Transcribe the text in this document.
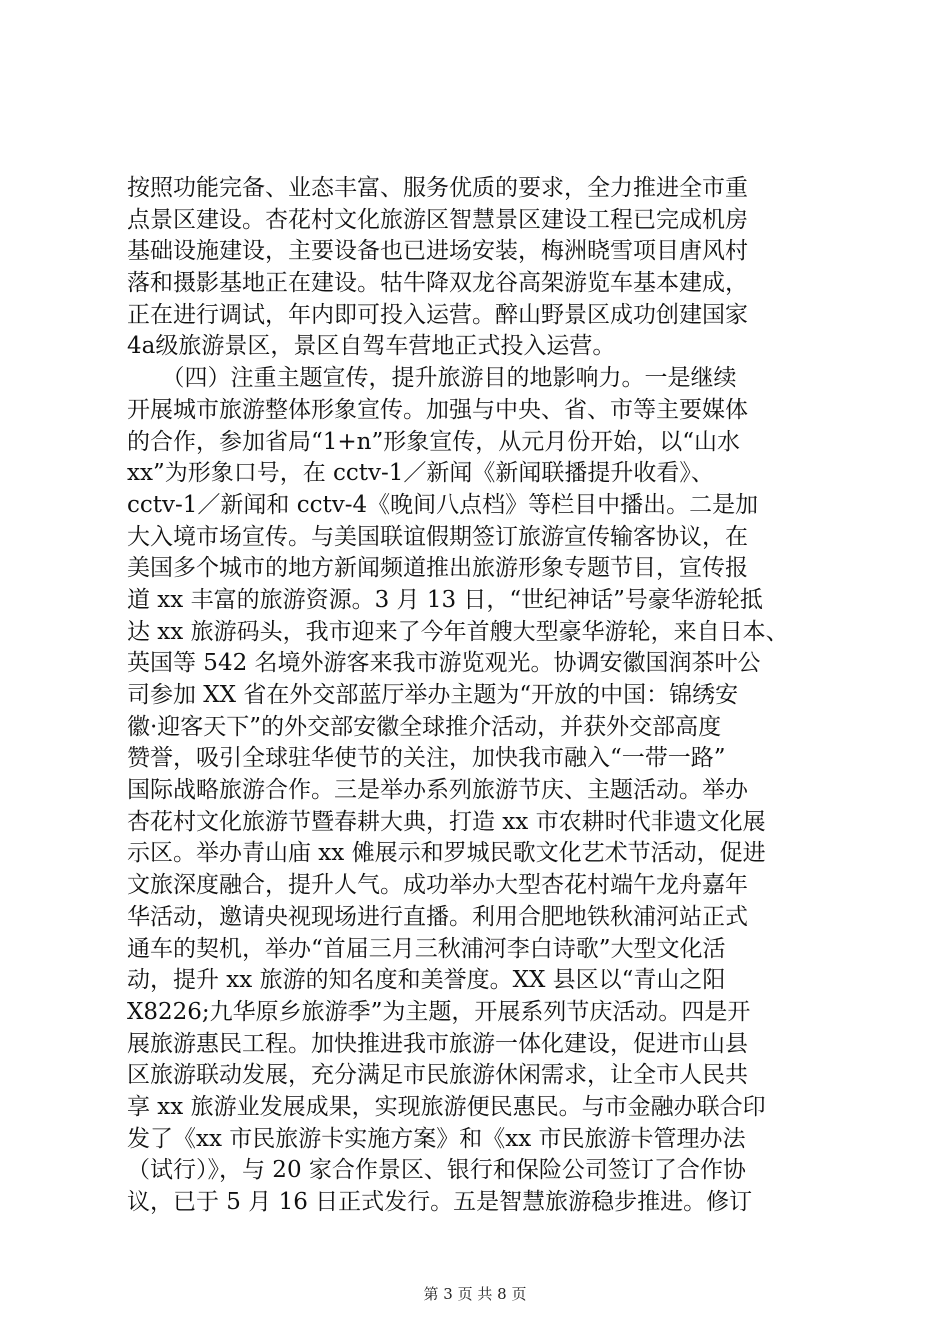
按照功能完备、业态丰富、服务优质的要求，全力推进全市重
点景区建设。杏花村文化旅游区智慧景区建设工程已完成机房
基础设施建设，主要设备也已进场安装，梅洲晓雪项目唐风村
落和摄影基地正在建设。牯牛降双龙谷高架游览车基本建成，
正在进行调试，年内即可投入运营。醉山野景区成功创建国家
4a级旅游景区，景区自驾车营地正式投入运营。
　　（四）注重主题宣传，提升旅游目的地影响力。一是继续
开展城市旅游整体形象宣传。加强与中央、省、市等主要媒体
的合作，参加省局“1+n”形象宣传，从元月份开始，以“山水
xx”为形象口号，在 cctv-1／新闻《新闻联播提升收看》、
cctv-1／新闻和 cctv-4《晚间八点档》等栏目中播出。二是加
大入境市场宣传。与美国联谊假期签订旅游宣传输客协议，在
美国多个城市的地方新闻频道推出旅游形象专题节目，宣传报
道 xx 丰富的旅游资源。3 月 13 日，“世纪神话”号豪华游轮抵
达 xx 旅游码头，我市迎来了今年首艘大型豪华游轮，来自日本、
英国等 542 名境外游客来我市游览观光。协调安徽国润茶叶公
司参加 XX 省在外交部蓝厅举办主题为“开放的中国：锦绣安
徽·迎客天下”的外交部安徽全球推介活动，并获外交部高度
赞誉，吸引全球驻华使节的关注，加快我市融入“一带一路”
国际战略旅游合作。三是举办系列旅游节庆、主题活动。举办
杏花村文化旅游节暨春耕大典，打造 xx 市农耕时代非遗文化展
示区。举办青山庙 xx 傩展示和罗城民歌文化艺术节活动，促进
文旅深度融合，提升人气。成功举办大型杏花村端午龙舟嘉年
华活动，邀请央视现场进行直播。利用合肥地铁秋浦河站正式
通车的契机，举办“首届三月三秋浦河李白诗歌”大型文化活
动，提升 xx 旅游的知名度和美誉度。XX 县区以“青山之阳
X8226;九华原乡旅游季”为主题，开展系列节庆活动。四是开
展旅游惠民工程。加快推进我市旅游一体化建设，促进市山县
区旅游联动发展，充分满足市民旅游休闲需求，让全市人民共
享 xx 旅游业发展成果，实现旅游便民惠民。与市金融办联合印
发了《xx 市民旅游卡实施方案》和《xx 市民旅游卡管理办法
（试行）》，与 20 家合作景区、银行和保险公司签订了合作协
议，已于 5 月 16 日正式发行。五是智慧旅游稳步推进。修订
第 3 页 共 8 页
